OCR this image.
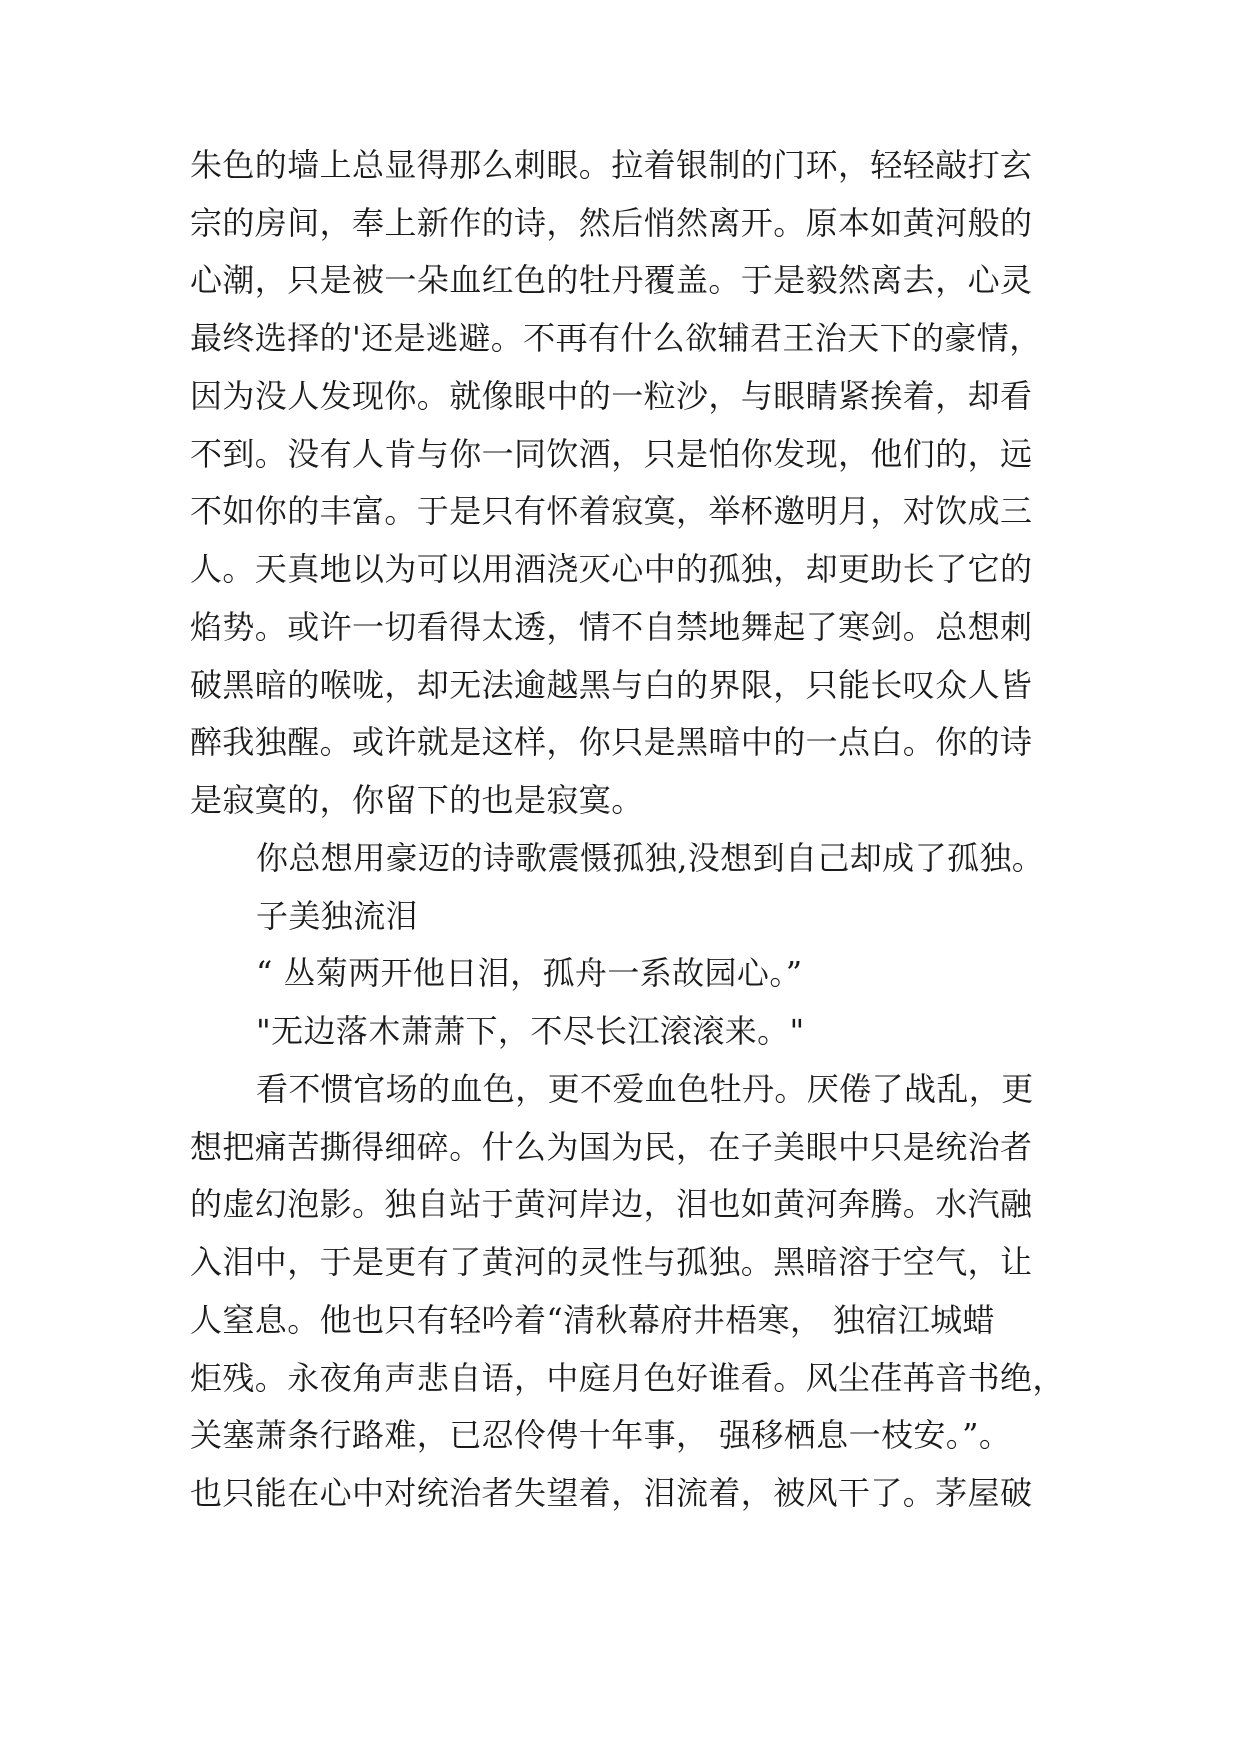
朱色的墙上总显得那么刺眼。拉着银制的门环，轻轻敲打玄
宗的房间，奉上新作的诗，然后悄然离开。原本如黄河般的
心潮，只是被一朵血红色的牡丹覆盖。于是毅然离去，心灵
最终选择的'还是逃避。不再有什么欲辅君王治天下的豪情，
因为没人发现你。就像眼中的一粒沙，与眼睛紧挨着，却看
不到。没有人肯与你一同饮酒，只是怕你发现，他们的，远
不如你的丰富。于是只有怀着寂寞，举杯邀明月，对饮成三
人。天真地以为可以用酒浇灭心中的孤独，却更助长了它的
焰势。或许一切看得太透，情不自禁地舞起了寒剑。总想刺
破黑暗的喉咙，却无法逾越黑与白的界限，只能长叹众人皆
醉我独醒。或许就是这样，你只是黑暗中的一点白。你的诗
是寂寞的，你留下的也是寂寞。
你总想用豪迈的诗歌震慑孤独,没想到自己却成了孤独。
子美独流泪
“ 丛菊两开他日泪，孤舟一系故园心。”
"无边落木萧萧下，不尽长江滚滚来。"
看不惯官场的血色，更不爱血色牡丹。厌倦了战乱，更
想把痛苦撕得细碎。什么为国为民，在子美眼中只是统治者
的虚幻泡影。独自站于黄河岸边，泪也如黄河奔腾。水汽融
入泪中，于是更有了黄河的灵性与孤独。黑暗溶于空气，让
人窒息。他也只有轻吟着“清秋幕府井梧寒， 独宿江城蜡
炬残。永夜角声悲自语，中庭月色好谁看。风尘荏苒音书绝，
关塞萧条行路难，已忍伶俜十年事， 强移栖息一枝安。”。
也只能在心中对统治者失望着，泪流着，被风干了。茅屋破
